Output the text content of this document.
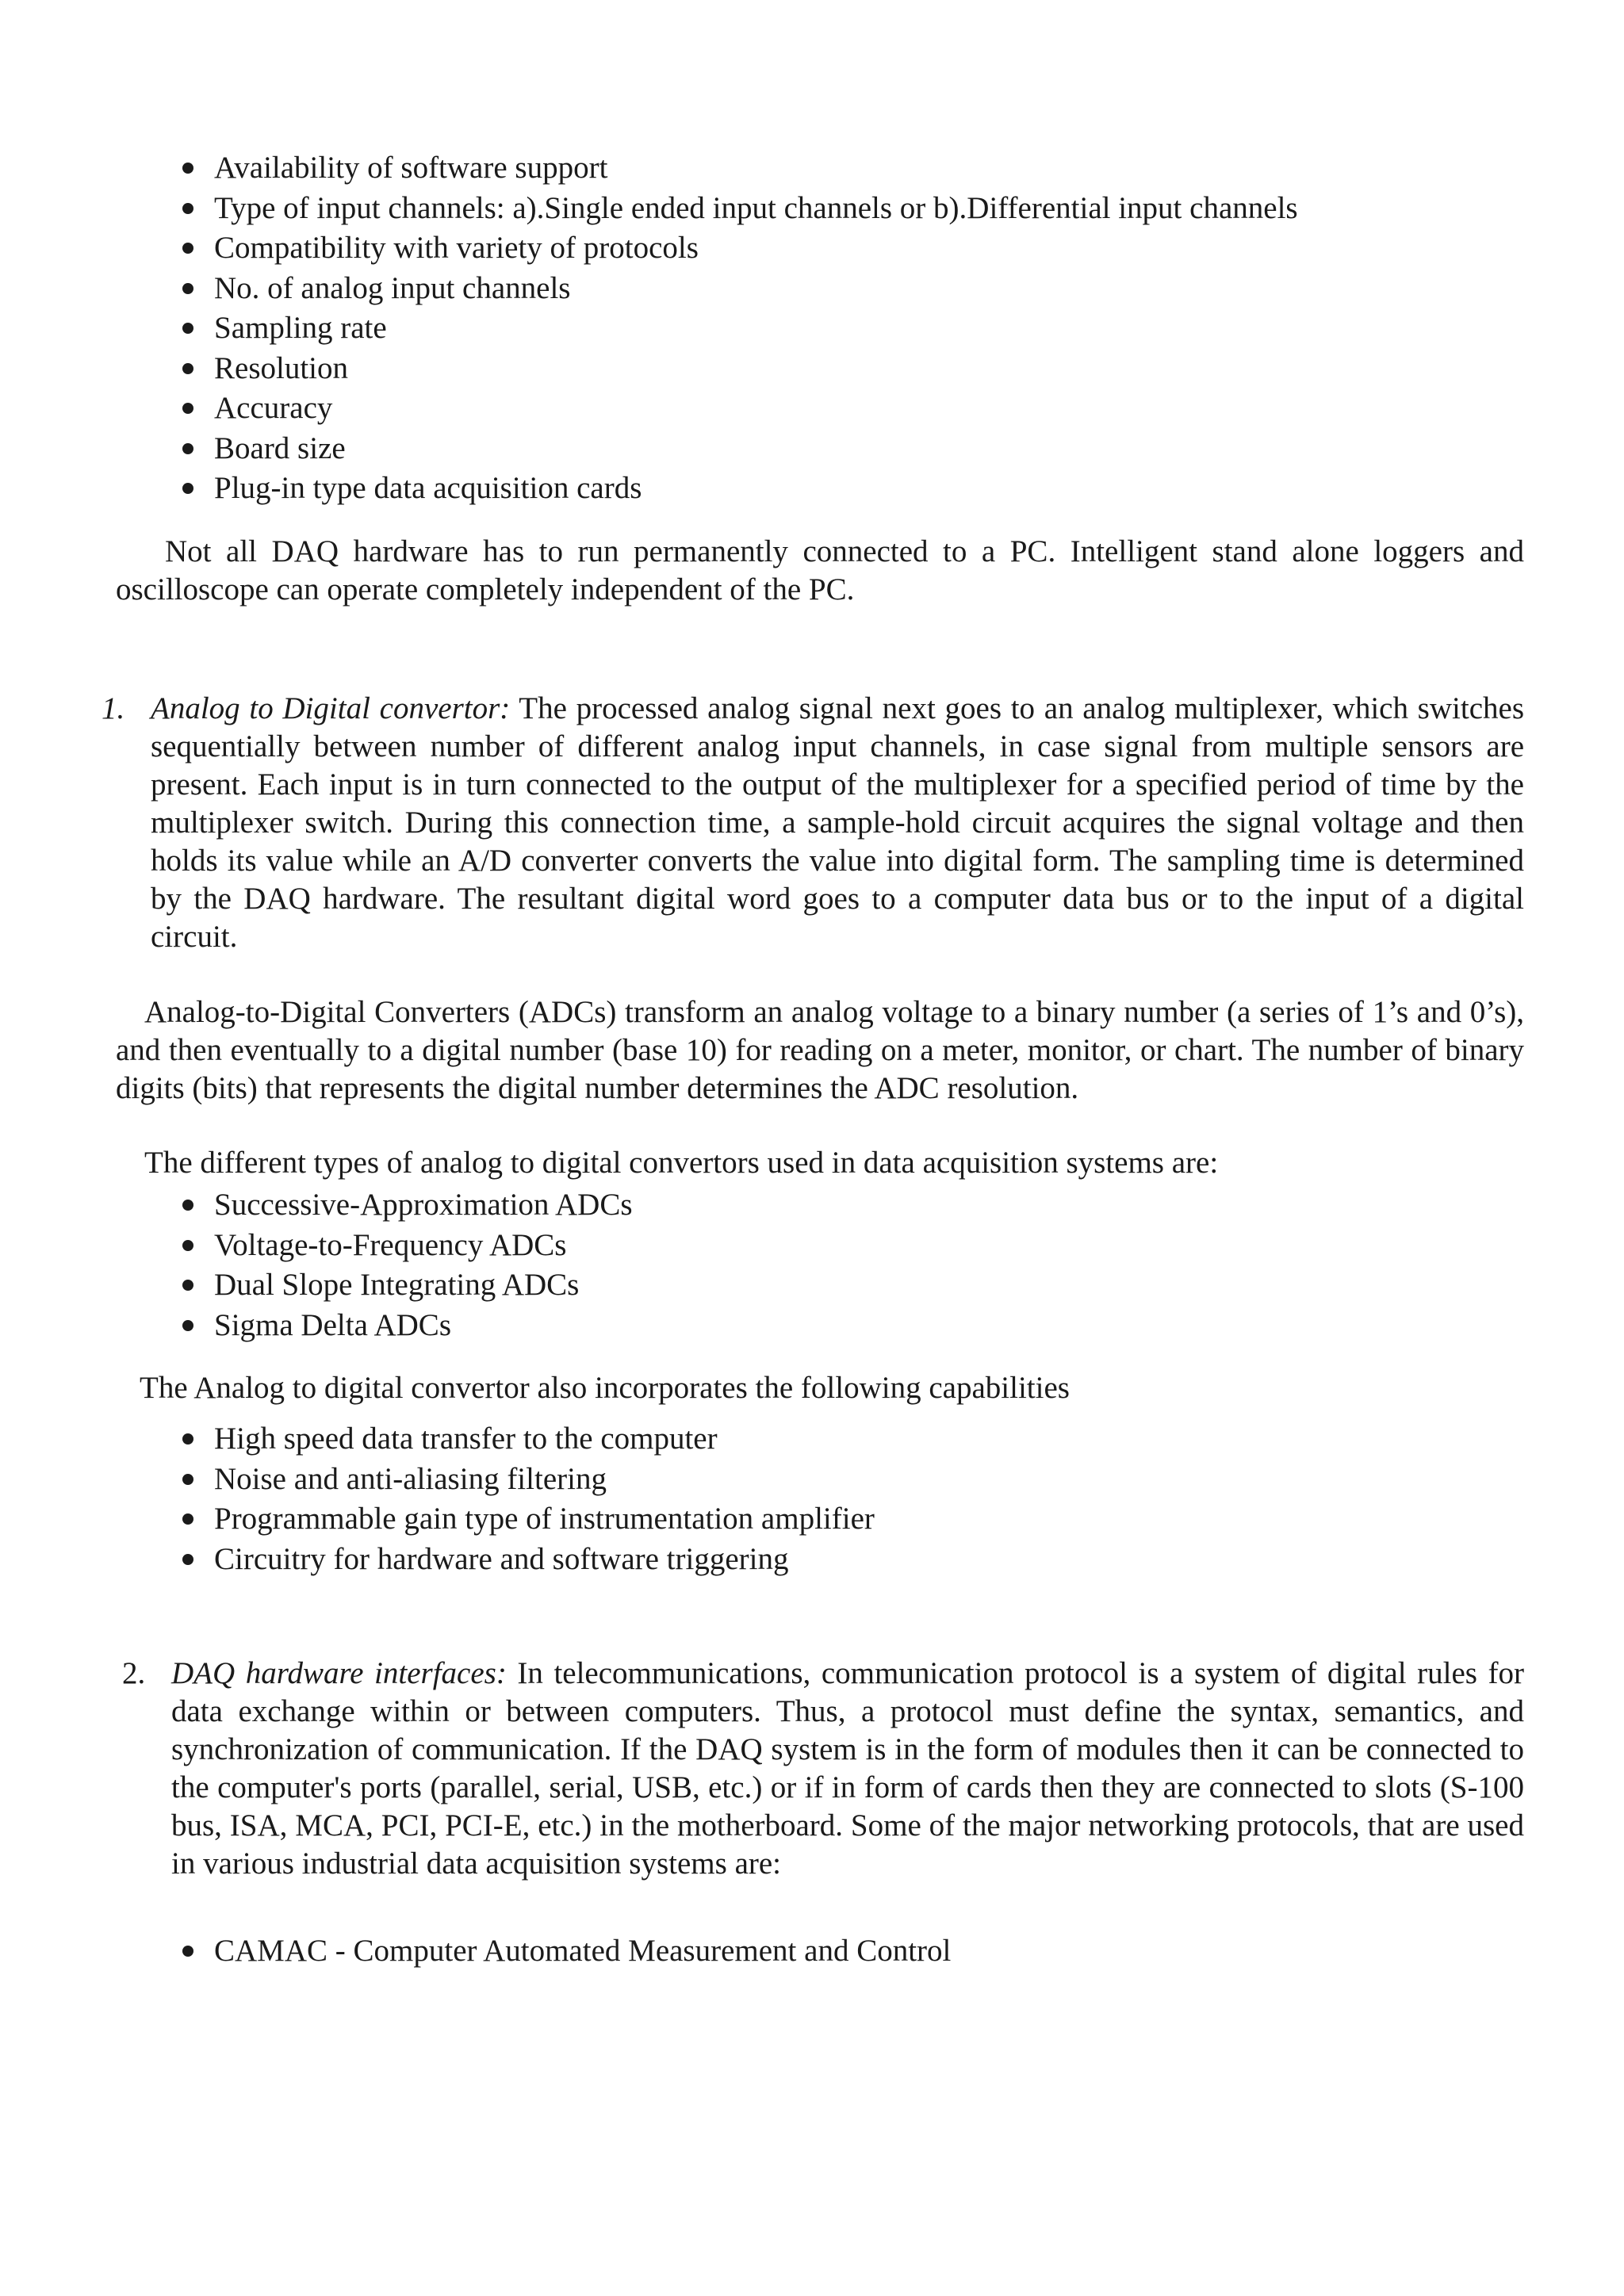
Availability of software support
Type of input channels: a).Single ended input channels or b).Differential input channels
Compatibility with variety of protocols
No. of analog input channels
Sampling rate
Resolution
Accuracy
Board size
Plug-in type data acquisition cards

Not all DAQ hardware has to run permanently connected to a PC. Intelligent stand alone loggers and oscilloscope can operate completely independent of the PC.

1. Analog to Digital convertor: The processed analog signal next goes to an analog multiplexer, which switches sequentially between number of different analog input channels, in case signal from multiple sensors are present. Each input is in turn connected to the output of the multiplexer for a specified period of time by the multiplexer switch. During this connection time, a sample-hold circuit acquires the signal voltage and then holds its value while an A/D converter converts the value into digital form. The sampling time is determined by the DAQ hardware. The resultant digital word goes to a computer data bus or to the input of a digital circuit.

Analog-to-Digital Converters (ADCs) transform an analog voltage to a binary number (a series of 1’s and 0’s), and then eventually to a digital number (base 10) for reading on a meter, monitor, or chart. The number of binary digits (bits) that represents the digital number determines the ADC resolution.

The different types of analog to digital convertors used in data acquisition systems are:

Successive-Approximation ADCs
Voltage-to-Frequency ADCs
Dual Slope Integrating ADCs
Sigma Delta ADCs

The Analog to digital convertor also incorporates the following capabilities

High speed data transfer to the computer
Noise and anti-aliasing filtering
Programmable gain type of instrumentation amplifier
Circuitry for hardware and software triggering
2. DAQ hardware interfaces: In telecommunications, communication protocol is a system of digital rules for data exchange within or between computers. Thus, a protocol must define the syntax, semantics, and synchronization of communication. If the DAQ system is in the form of modules then it can be connected to the computer's ports (parallel, serial, USB, etc.) or if in form of cards then they are connected to slots (S-100 bus, ISA, MCA, PCI, PCI-E, etc.) in the motherboard. Some of the major networking protocols, that are used in various industrial data acquisition systems are:

CAMAC - Computer Automated Measurement and Control
